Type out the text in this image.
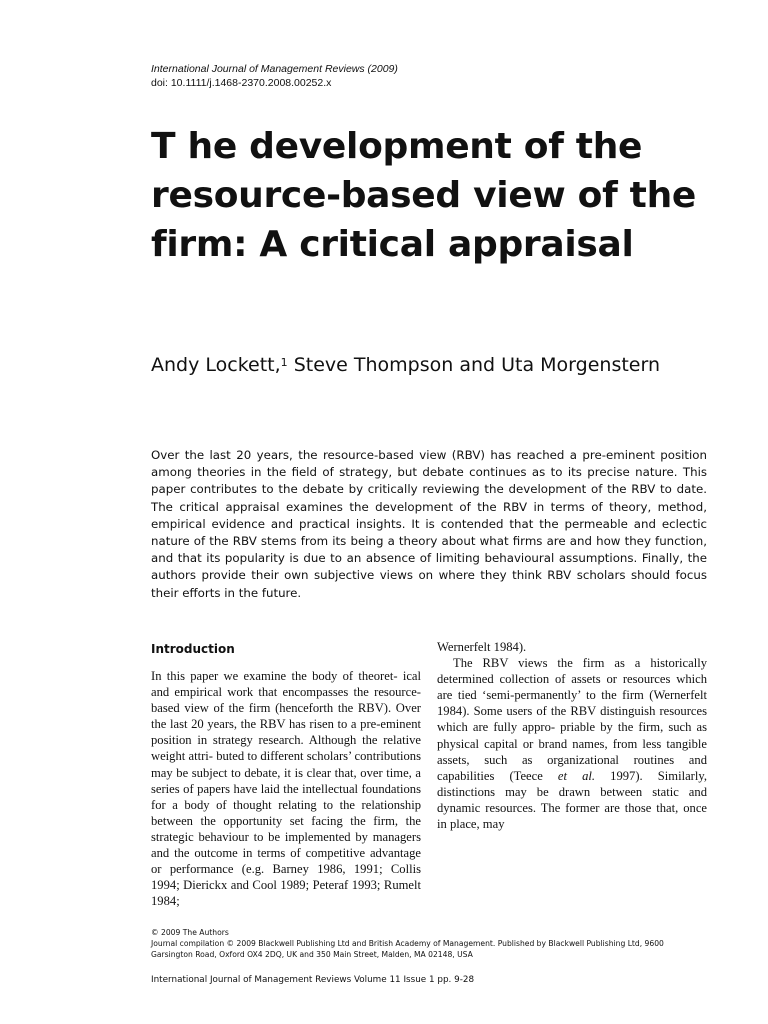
International Journal of Management Reviews (2009)
doi: 10.1111/j.1468-2370.2008.00252.x
T he development of the resource-based view of the firm: A critical appraisal
Andy Lockett,$^1$ Steve Thompson and Uta Morgenstern

Over the last 20 years, the resource-based view (RBV) has reached a pre-eminent position among theories in the field of strategy, but debate continues as to its precise nature. This paper contributes to the debate by critically reviewing the development of the RBV to date. The critical appraisal examines the development of the RBV in terms of theory, method, empirical evidence and practical insights. It is contended that the permeable and eclectic nature of the RBV stems from its being a theory about what firms are and how they function, and that its popularity is due to an absence of limiting behavioural assumptions. Finally, the authors provide their own subjective views on where they think RBV scholars should focus their efforts in the future.

Introduction

In this paper we examine the body of theoret- ical and empirical work that encompasses the resource-based view of the firm (henceforth the RBV). Over the last 20 years, the RBV has risen to a pre-eminent position in strategy research. Although the relative weight attri- buted to different scholars’ contributions may be subject to debate, it is clear that, over time, a series of papers have laid the intellectual foundations for a body of thought relating to the relationship between the opportunity set facing the firm, the strategic behaviour to be implemented by managers and the outcome in terms of competitive advantage or performance (e.g. Barney 1986, 1991; Collis 1994; Dierickx and Cool 1989; Peteraf 1993; Rumelt 1984;

Wernerfelt 1984).

The RBV views the firm as a historically determined collection of assets or resources which are tied ‘semi-permanently’ to the firm (Wernerfelt 1984). Some users of the RBV distinguish resources which are fully appro- priable by the firm, such as physical capital or brand names, from less tangible assets, such as organizational routines and capabilities (Teece et al. 1997). Similarly, distinctions may be drawn between static and dynamic resources. The former are those that, once in place, may

© 2009 The Authors
Journal compilation © 2009 Blackwell Publishing Ltd and British Academy of Management. Published by Blackwell Publishing Ltd, 9600
Garsington Road, Oxford OX4 2DQ, UK and 350 Main Street, Malden, MA 02148, USA
International Journal of Management Reviews Volume 11 Issue 1 pp. 9-28
